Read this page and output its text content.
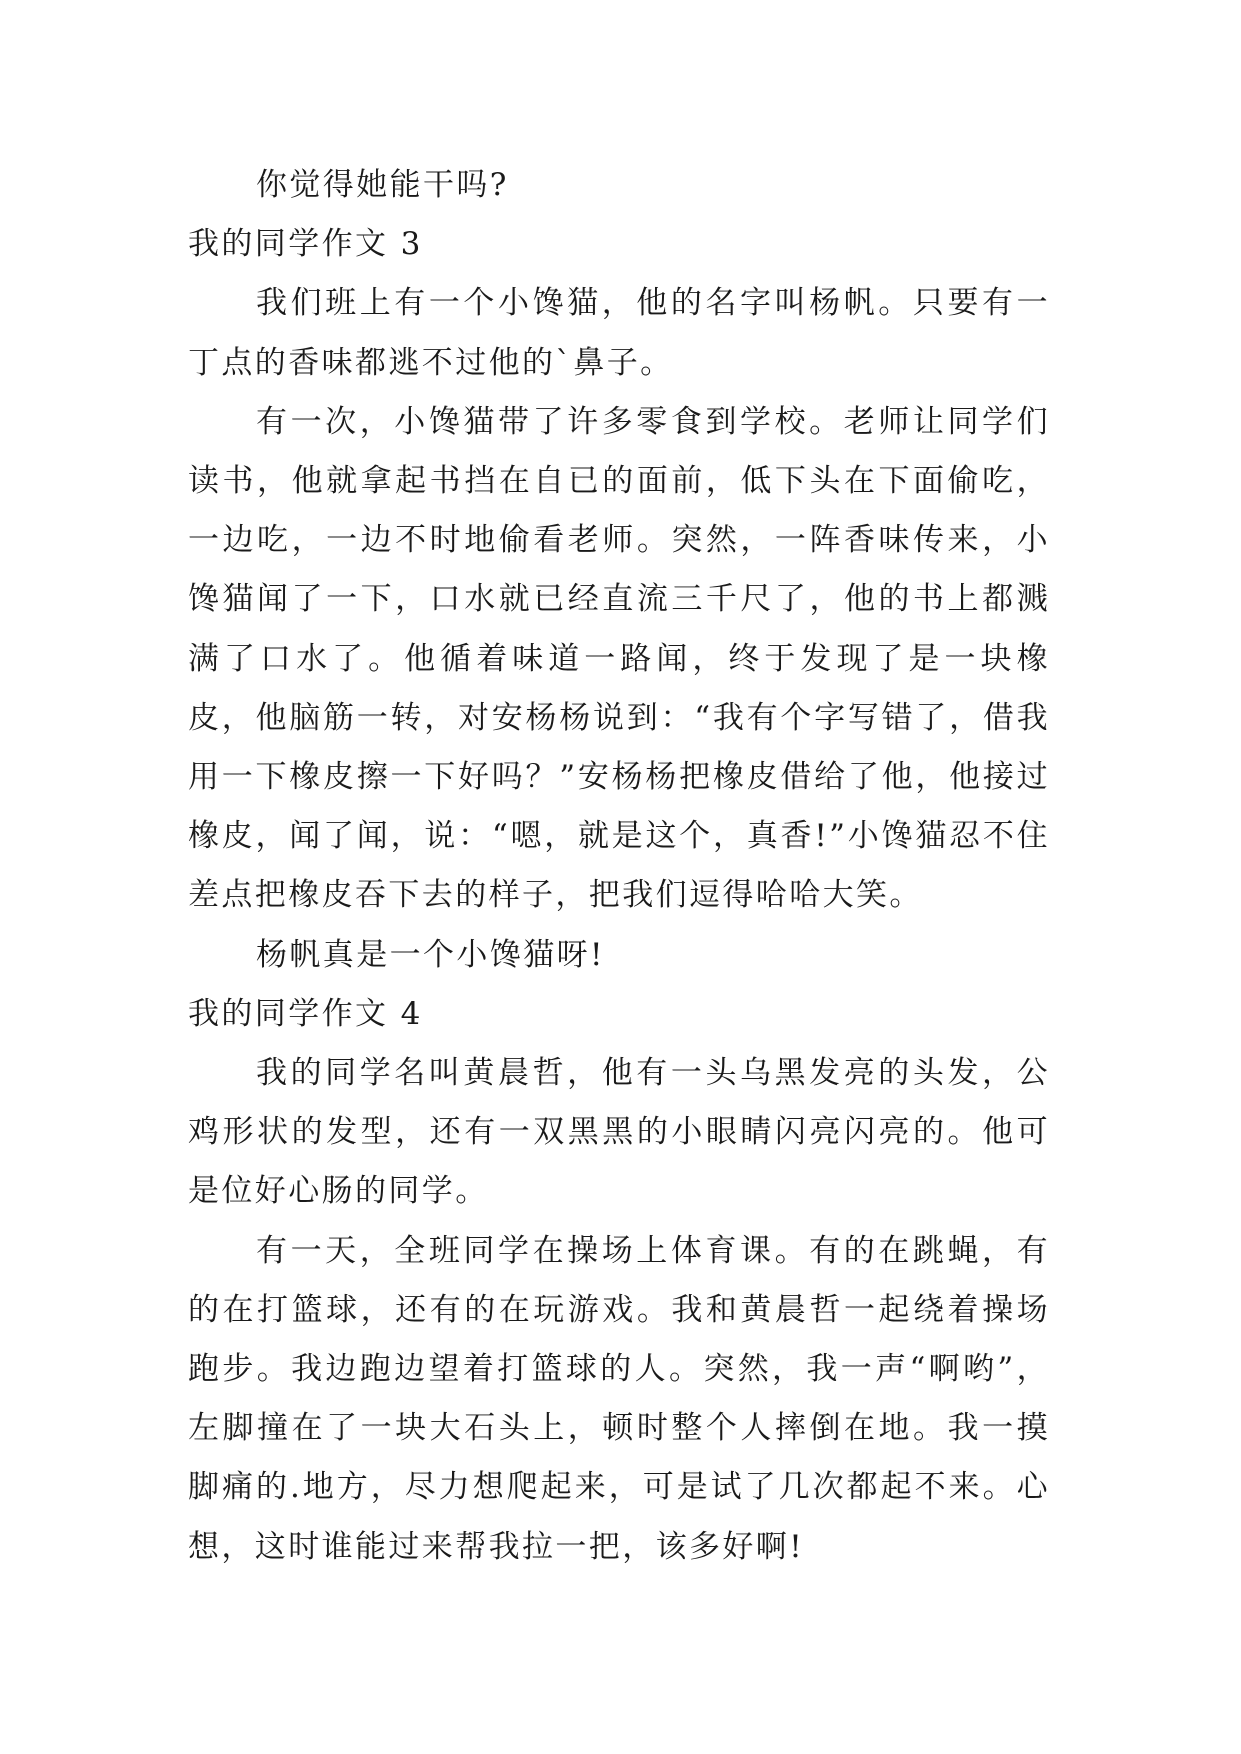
你觉得她能干吗?

我的同学作文 3

我们班上有一个小馋猫，他的名字叫杨帆。只要有一丁点的香味都逃不过他的`鼻子。

有一次，小馋猫带了许多零食到学校。老师让同学们读书，他就拿起书挡在自已的面前，低下头在下面偷吃，一边吃，一边不时地偷看老师。突然，一阵香味传来，小馋猫闻了一下，口水就已经直流三千尺了，他的书上都溅满了口水了。他循着味道一路闻，终于发现了是一块橡皮，他脑筋一转，对安杨杨说到：“我有个字写错了，借我用一下橡皮擦一下好吗？”安杨杨把橡皮借给了他，他接过橡皮，闻了闻，说：“嗯，就是这个，真香!”小馋猫忍不住差点把橡皮吞下去的样子，把我们逗得哈哈大笑。

杨帆真是一个小馋猫呀!

我的同学作文 4

我的同学名叫黄晨哲，他有一头乌黑发亮的头发，公鸡形状的发型，还有一双黑黑的小眼睛闪亮闪亮的。他可是位好心肠的同学。

有一天，全班同学在操场上体育课。有的在跳蝇，有的在打篮球，还有的在玩游戏。我和黄晨哲一起绕着操场跑步。我边跑边望着打篮球的人。突然，我一声“啊哟”，左脚撞在了一块大石头上，顿时整个人摔倒在地。我一摸脚痛的.地方，尽力想爬起来，可是试了几次都起不来。心想，这时谁能过来帮我拉一把，该多好啊!
